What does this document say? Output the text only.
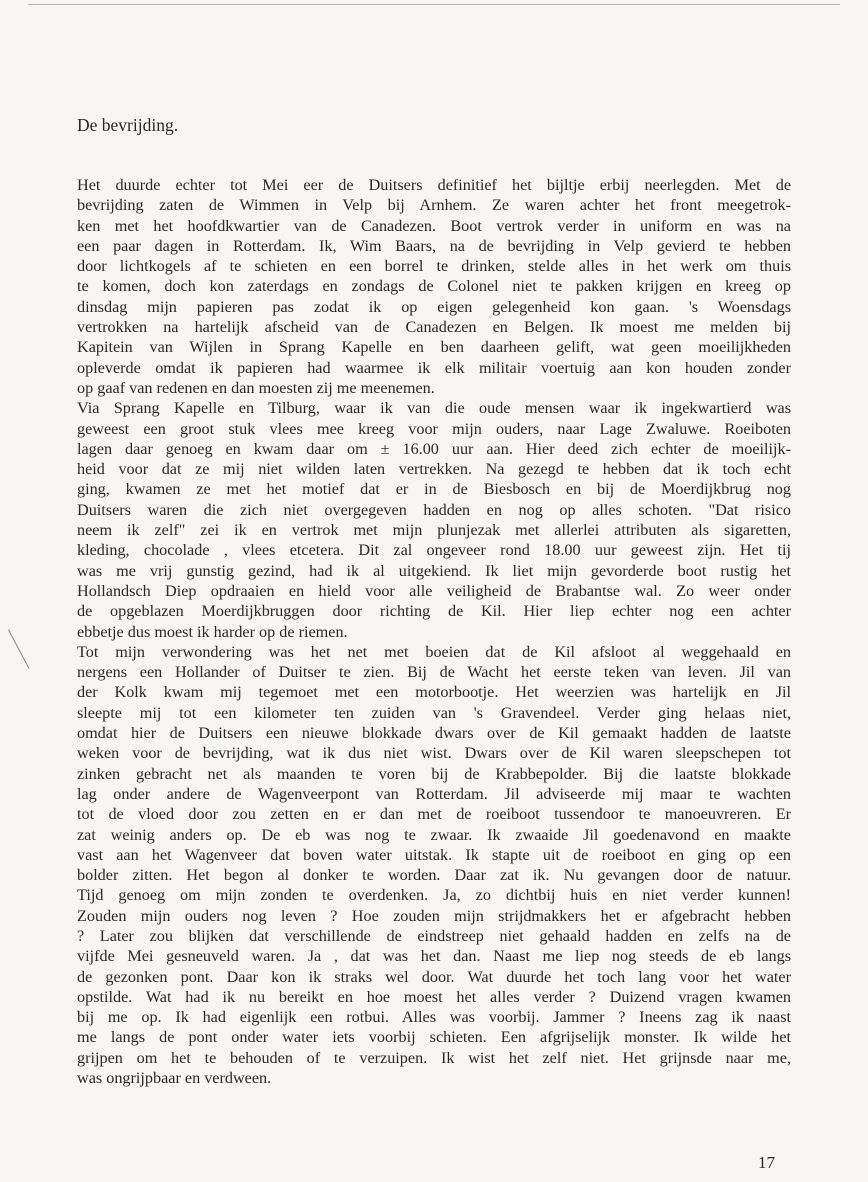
De bevrijding.
Het duurde echter tot Mei eer de Duitsers definitief het bijltje erbij neerlegden. Met de
bevrijding zaten de Wimmen in Velp bij Arnhem. Ze waren achter het front meegetrok-
ken met het hoofdkwartier van de Canadezen. Boot vertrok verder in uniform en was na
een paar dagen in Rotterdam. Ik, Wim Baars, na de bevrijding in Velp gevierd te hebben
door lichtkogels af te schieten en een borrel te drinken, stelde alles in het werk om thuis
te komen, doch kon zaterdags en zondags de Colonel niet te pakken krijgen en kreeg op
dinsdag mijn papieren pas zodat ik op eigen gelegenheid kon gaan. 's Woensdags
vertrokken na hartelijk afscheid van de Canadezen en Belgen. Ik moest me melden bij
Kapitein van Wijlen in Sprang Kapelle en ben daarheen gelift, wat geen moeilijkheden
opleverde omdat ik papieren had waarmee ik elk militair voertuig aan kon houden zonder
op gaaf van redenen en dan moesten zij me meenemen.
Via Sprang Kapelle en Tilburg, waar ik van die oude mensen waar ik ingekwartierd was
geweest een groot stuk vlees mee kreeg voor mijn ouders, naar Lage Zwaluwe. Roeiboten
lagen daar genoeg en kwam daar om ± 16.00 uur aan. Hier deed zich echter de moeilijk-
heid voor dat ze mij niet wilden laten vertrekken. Na gezegd te hebben dat ik toch echt
ging, kwamen ze met het motief dat er in de Biesbosch en bij de Moerdijkbrug nog
Duitsers waren die zich niet overgegeven hadden en nog op alles schoten. "Dat risico
neem ik zelf" zei ik en vertrok met mijn plunjezak met allerlei attributen als sigaretten,
kleding, chocolade , vlees etcetera. Dit zal ongeveer rond 18.00 uur geweest zijn. Het tij
was me vrij gunstig gezind, had ik al uitgekiend. Ik liet mijn gevorderde boot rustig het
Hollandsch Diep opdraaien en hield voor alle veiligheid de Brabantse wal. Zo weer onder
de opgeblazen Moerdijkbruggen door richting de Kil. Hier liep echter nog een achter
ebbetje dus moest ik harder op de riemen.
Tot mijn verwondering was het net met boeien dat de Kil afsloot al weggehaald en
nergens een Hollander of Duitser te zien. Bij de Wacht het eerste teken van leven. Jil van
der Kolk kwam mij tegemoet met een motorbootje. Het weerzien was hartelijk en Jil
sleepte mij tot een kilometer ten zuiden van 's Gravendeel. Verder ging helaas niet,
omdat hier de Duitsers een nieuwe blokkade dwars over de Kil gemaakt hadden de laatste
weken voor de bevrijding, wat ik dus niet wist. Dwars over de Kil waren sleepschepen tot
zinken gebracht net als maanden te voren bij de Krabbepolder. Bij die laatste blokkade
lag onder andere de Wagenveerpont van Rotterdam. Jil adviseerde mij maar te wachten
tot de vloed door zou zetten en er dan met de roeiboot tussendoor te manoeuvreren. Er
zat weinig anders op. De eb was nog te zwaar. Ik zwaaide Jil goedenavond en maakte
vast aan het Wagenveer dat boven water uitstak. Ik stapte uit de roeiboot en ging op een
bolder zitten. Het begon al donker te worden. Daar zat ik. Nu gevangen door de natuur.
Tijd genoeg om mijn zonden te overdenken. Ja, zo dichtbij huis en niet verder kunnen!
Zouden mijn ouders nog leven ? Hoe zouden mijn strijdmakkers het er afgebracht hebben
? Later zou blijken dat verschillende de eindstreep niet gehaald hadden en zelfs na de
vijfde Mei gesneuveld waren. Ja , dat was het dan. Naast me liep nog steeds de eb langs
de gezonken pont. Daar kon ik straks wel door. Wat duurde het toch lang voor het water
opstilde. Wat had ik nu bereikt en hoe moest het alles verder ? Duizend vragen kwamen
bij me op. Ik had eigenlijk een rotbui. Alles was voorbij. Jammer ? Ineens zag ik naast
me langs de pont onder water iets voorbij schieten. Een afgrijselijk monster. Ik wilde het
grijpen om het te behouden of te verzuipen. Ik wist het zelf niet. Het grijnsde naar me,
was ongrijpbaar en verdween.
17
